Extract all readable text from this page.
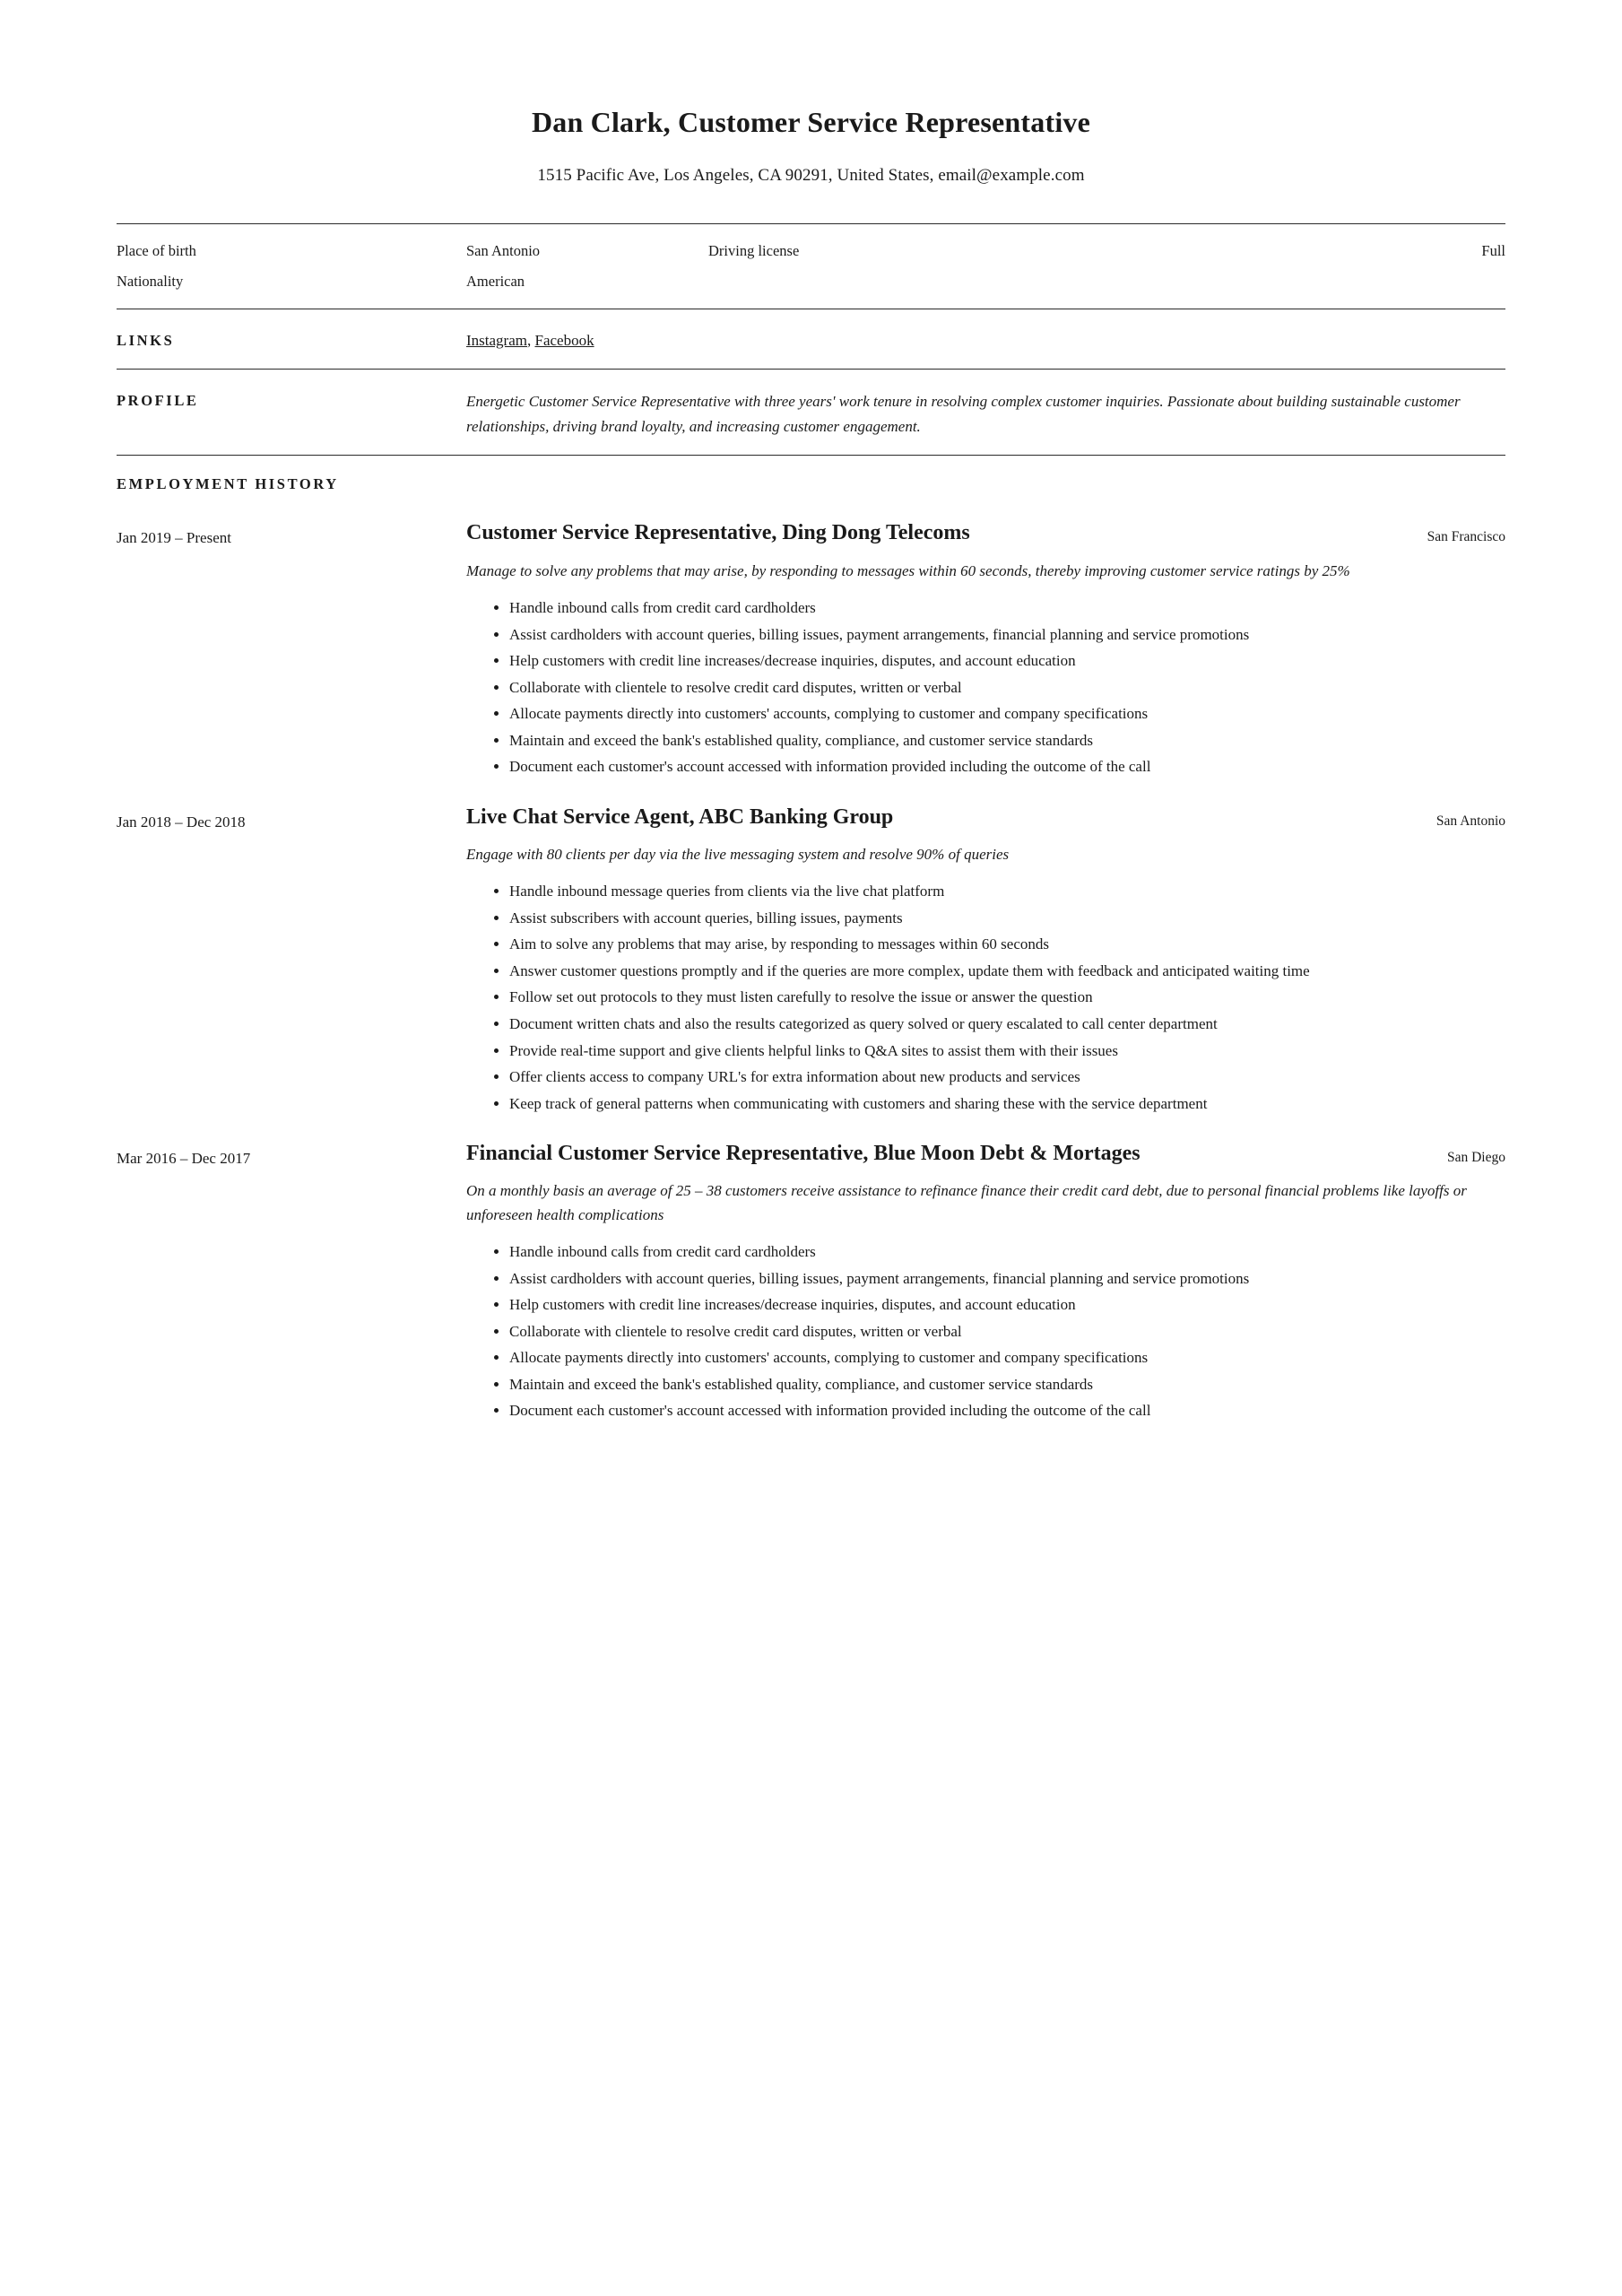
Dan Clark, Customer Service Representative
1515 Pacific Ave, Los Angeles, CA 90291, United States, email@example.com
Place of birth	San Antonio	Driving license	Full
Nationality	American
LINKS	Instagram, Facebook
PROFILE	Energetic Customer Service Representative with three years' work tenure in resolving complex customer inquiries. Passionate about building sustainable customer relationships, driving brand loyalty, and increasing customer engagement.
EMPLOYMENT HISTORY
Jan 2019 – Present	Customer Service Representative, Ding Dong Telecoms	San Francisco
Manage to solve any problems that may arise, by responding to messages within 60 seconds, thereby improving customer service ratings by 25%
• Handle inbound calls from credit card cardholders
• Assist cardholders with account queries, billing issues, payment arrangements, financial planning and service promotions
• Help customers with credit line increases/decrease inquiries, disputes, and account education
• Collaborate with clientele to resolve credit card disputes, written or verbal
• Allocate payments directly into customers' accounts, complying to customer and company specifications
• Maintain and exceed the bank's established quality, compliance, and customer service standards
• Document each customer's account accessed with information provided including the outcome of the call
Jan 2018 – Dec 2018	Live Chat Service Agent, ABC Banking Group	San Antonio
Engage with 80 clients per day via the live messaging system and resolve 90% of queries
• Handle inbound message queries from clients via the live chat platform
• Assist subscribers with account queries, billing issues, payments
• Aim to solve any problems that may arise, by responding to messages within 60 seconds
• Answer customer questions promptly and if the queries are more complex, update them with feedback and anticipated waiting time
• Follow set out protocols to they must listen carefully to resolve the issue or answer the question
• Document written chats and also the results categorized as query solved or query escalated to call center department
• Provide real-time support and give clients helpful links to Q&A sites to assist them with their issues
• Offer clients access to company URL's for extra information about new products and services
• Keep track of general patterns when communicating with customers and sharing these with the service department
Mar 2016 – Dec 2017	Financial Customer Service Representative, Blue Moon Debt & Mortages	San Diego
On a monthly basis an average of 25 – 38 customers receive assistance to refinance finance their credit card debt, due to personal financial problems like layoffs or unforeseen health complications
• Handle inbound calls from credit card cardholders
• Assist cardholders with account queries, billing issues, payment arrangements, financial planning and service promotions
• Help customers with credit line increases/decrease inquiries, disputes, and account education
• Collaborate with clientele to resolve credit card disputes, written or verbal
• Allocate payments directly into customers' accounts, complying to customer and company specifications
• Maintain and exceed the bank's established quality, compliance, and customer service standards
• Document each customer's account accessed with information provided including the outcome of the call
